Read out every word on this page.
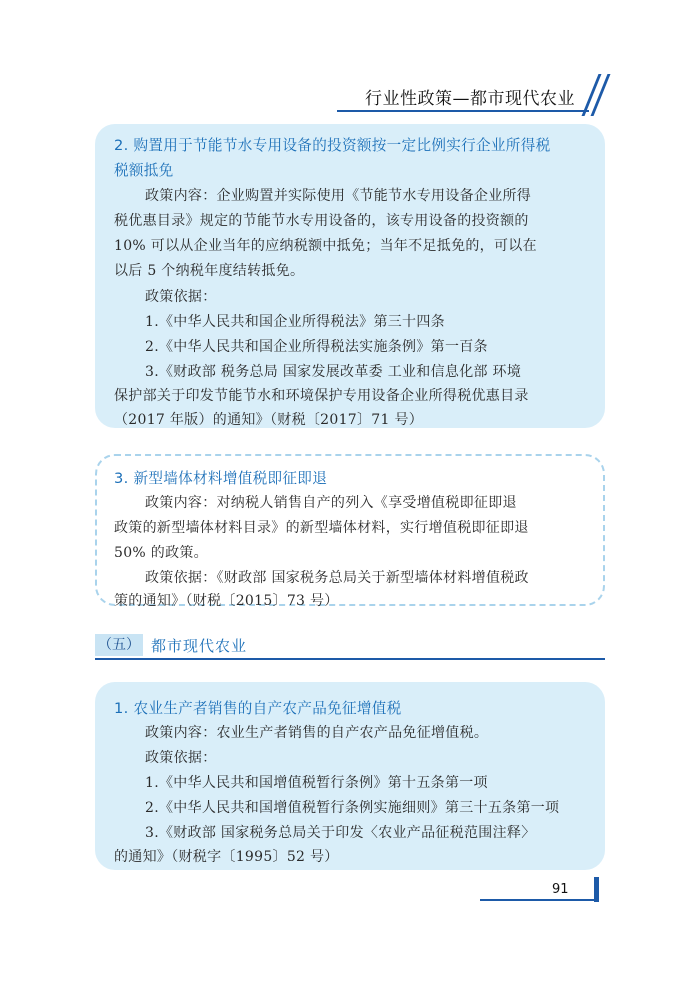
行业性政策—都市现代农业
2. 购置用于节能节水专用设备的投资额按一定比例实行企业所得税
税额抵免
政策内容：企业购置并实际使用《节能节水专用设备企业所得
税优惠目录》规定的节能节水专用设备的，该专用设备的投资额的
10% 可以从企业当年的应纳税额中抵免；当年不足抵免的，可以在
以后 5 个纳税年度结转抵免。
政策依据：
1.《中华人民共和国企业所得税法》第三十四条
2.《中华人民共和国企业所得税法实施条例》第一百条
3.《财政部 税务总局 国家发展改革委 工业和信息化部 环境
保护部关于印发节能节水和环境保护专用设备企业所得税优惠目录
（2017 年版）的通知》（财税〔2017〕71 号）
3. 新型墙体材料增值税即征即退
政策内容：对纳税人销售自产的列入《享受增值税即征即退
政策的新型墙体材料目录》的新型墙体材料，实行增值税即征即退
50% 的政策。
政策依据：《财政部 国家税务总局关于新型墙体材料增值税政
策的通知》（财税〔2015〕73 号）
（五） 都市现代农业
1. 农业生产者销售的自产农产品免征增值税
政策内容：农业生产者销售的自产农产品免征增值税。
政策依据：
1.《中华人民共和国增值税暂行条例》第十五条第一项
2.《中华人民共和国增值税暂行条例实施细则》第三十五条第一项
3.《财政部 国家税务总局关于印发〈农业产品征税范围注释〉
的通知》（财税字〔1995〕52 号）
91
